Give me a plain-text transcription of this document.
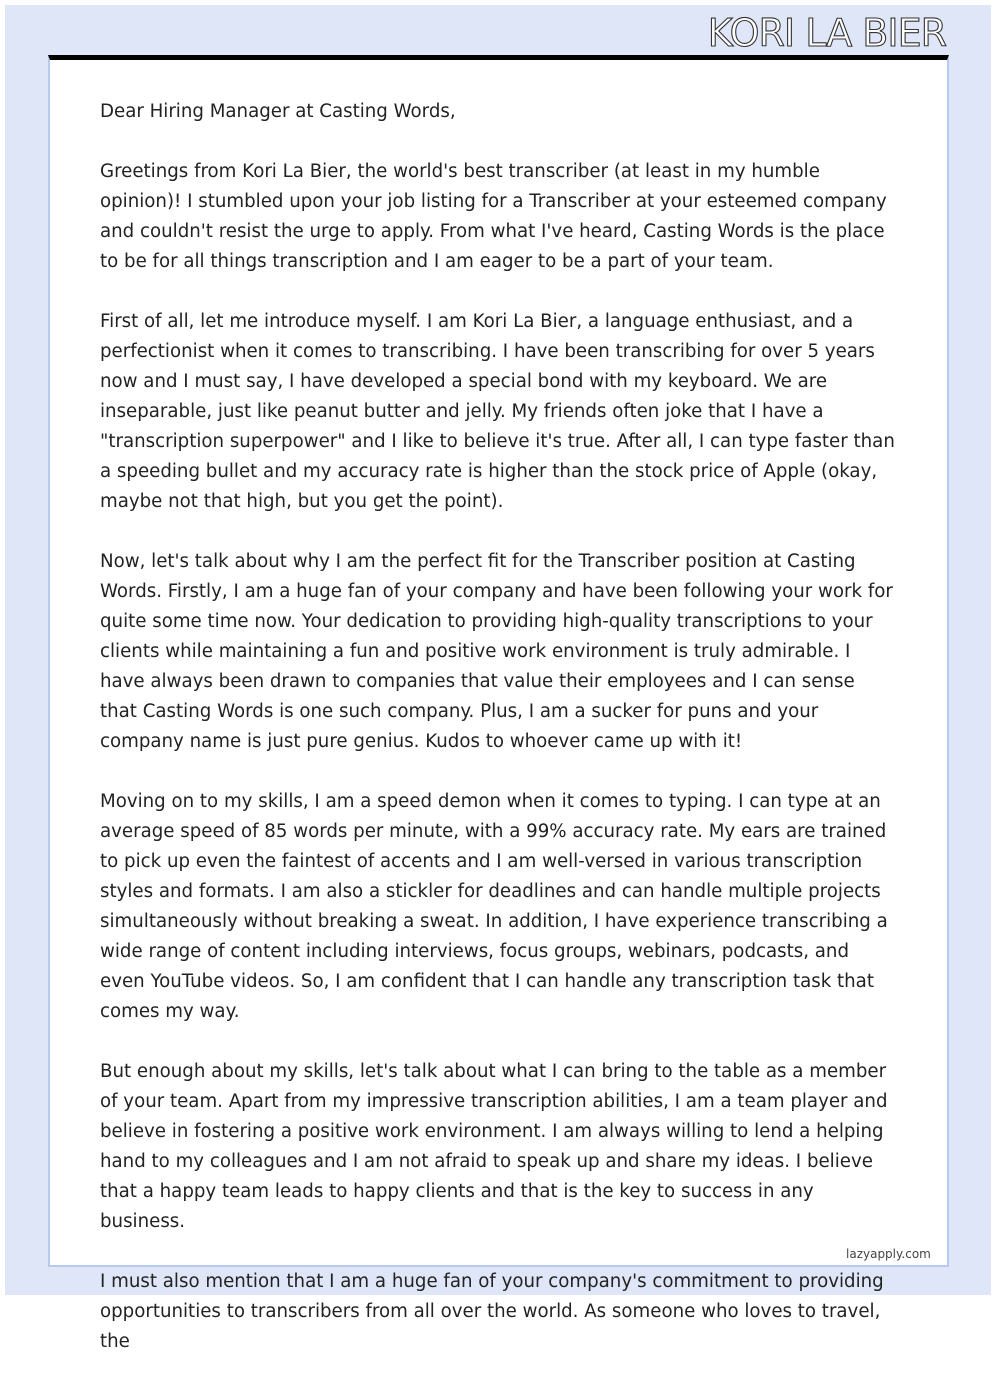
KORI LA BIER

Dear Hiring Manager at Casting Words,

Greetings from Kori La Bier, the world's best transcriber (at least in my humble opinion)! I stumbled upon your job listing for a Transcriber at your esteemed company and couldn't resist the urge to apply. From what I've heard, Casting Words is the place to be for all things transcription and I am eager to be a part of your team.

First of all, let me introduce myself. I am Kori La Bier, a language enthusiast, and a perfectionist when it comes to transcribing. I have been transcribing for over 5 years now and I must say, I have developed a special bond with my keyboard. We are inseparable, just like peanut butter and jelly. My friends often joke that I have a "transcription superpower" and I like to believe it's true. After all, I can type faster than a speeding bullet and my accuracy rate is higher than the stock price of Apple (okay, maybe not that high, but you get the point).

Now, let's talk about why I am the perfect fit for the Transcriber position at Casting Words. Firstly, I am a huge fan of your company and have been following your work for quite some time now. Your dedication to providing high-quality transcriptions to your clients while maintaining a fun and positive work environment is truly admirable. I have always been drawn to companies that value their employees and I can sense that Casting Words is one such company. Plus, I am a sucker for puns and your company name is just pure genius. Kudos to whoever came up with it!

Moving on to my skills, I am a speed demon when it comes to typing. I can type at an average speed of 85 words per minute, with a 99% accuracy rate. My ears are trained to pick up even the faintest of accents and I am well-versed in various transcription styles and formats. I am also a stickler for deadlines and can handle multiple projects simultaneously without breaking a sweat. In addition, I have experience transcribing a wide range of content including interviews, focus groups, webinars, podcasts, and even YouTube videos. So, I am confident that I can handle any transcription task that comes my way.

But enough about my skills, let's talk about what I can bring to the table as a member of your team. Apart from my impressive transcription abilities, I am a team player and believe in fostering a positive work environment. I am always willing to lend a helping hand to my colleagues and I am not afraid to speak up and share my ideas. I believe that a happy team leads to happy clients and that is the key to success in any business.

I must also mention that I am a huge fan of your company's commitment to providing opportunities to transcribers from all over the world. As someone who loves to travel, the

lazyapply.com
